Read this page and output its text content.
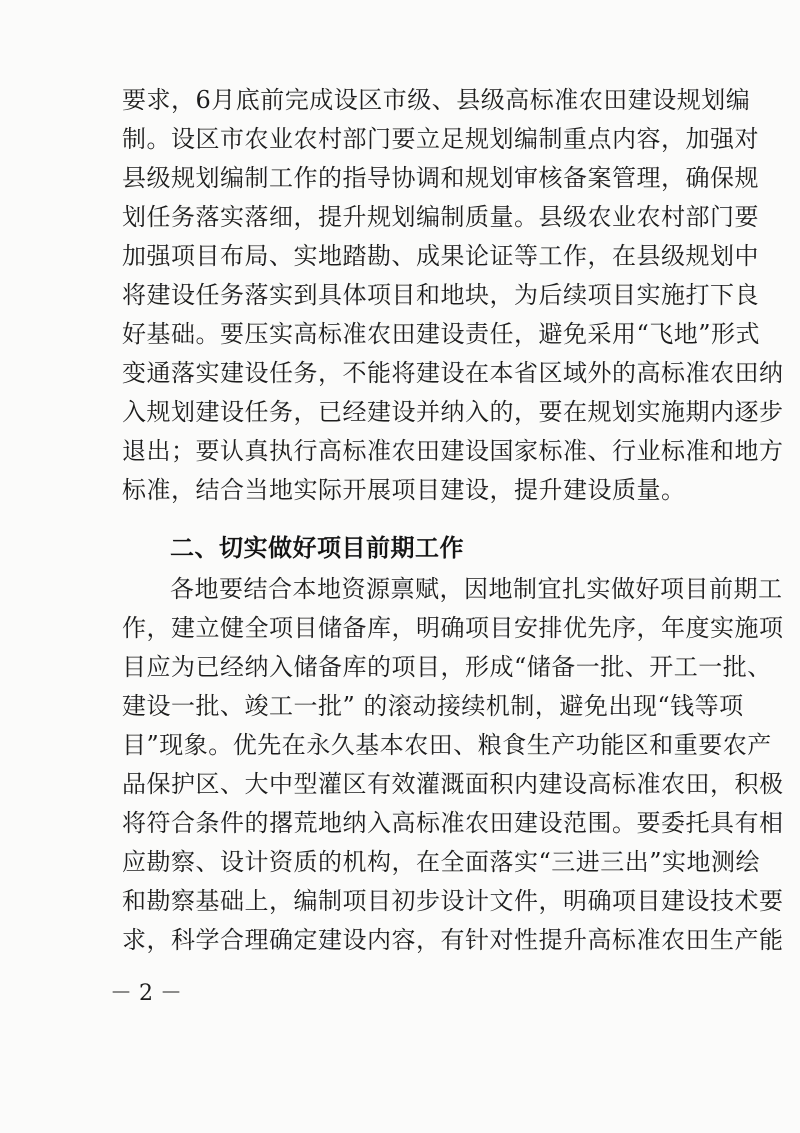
要求，6月底前完成设区市级、县级高标准农田建设规划编
制。设区市农业农村部门要立足规划编制重点内容，加强对
县级规划编制工作的指导协调和规划审核备案管理，确保规
划任务落实落细，提升规划编制质量。县级农业农村部门要
加强项目布局、实地踏勘、成果论证等工作，在县级规划中
将建设任务落实到具体项目和地块，为后续项目实施打下良
好基础。要压实高标准农田建设责任，避免采用“飞地”形式
变通落实建设任务，不能将建设在本省区域外的高标准农田纳
入规划建设任务，已经建设并纳入的，要在规划实施期内逐步
退出；要认真执行高标准农田建设国家标准、行业标准和地方
标准，结合当地实际开展项目建设，提升建设质量。
二、切实做好项目前期工作
各地要结合本地资源禀赋，因地制宜扎实做好项目前期工
作，建立健全项目储备库，明确项目安排优先序，年度实施项
目应为已经纳入储备库的项目，形成“储备一批、开工一批、
建设一批、竣工一批” 的滚动接续机制，避免出现“钱等项
目”现象。优先在永久基本农田、粮食生产功能区和重要农产
品保护区、大中型灌区有效灌溉面积内建设高标准农田，积极
将符合条件的撂荒地纳入高标准农田建设范围。要委托具有相
应勘察、设计资质的机构，在全面落实“三进三出”实地测绘
和勘察基础上，编制项目初步设计文件，明确项目建设技术要
求，科学合理确定建设内容，有针对性提升高标准农田生产能
－ 2 －
